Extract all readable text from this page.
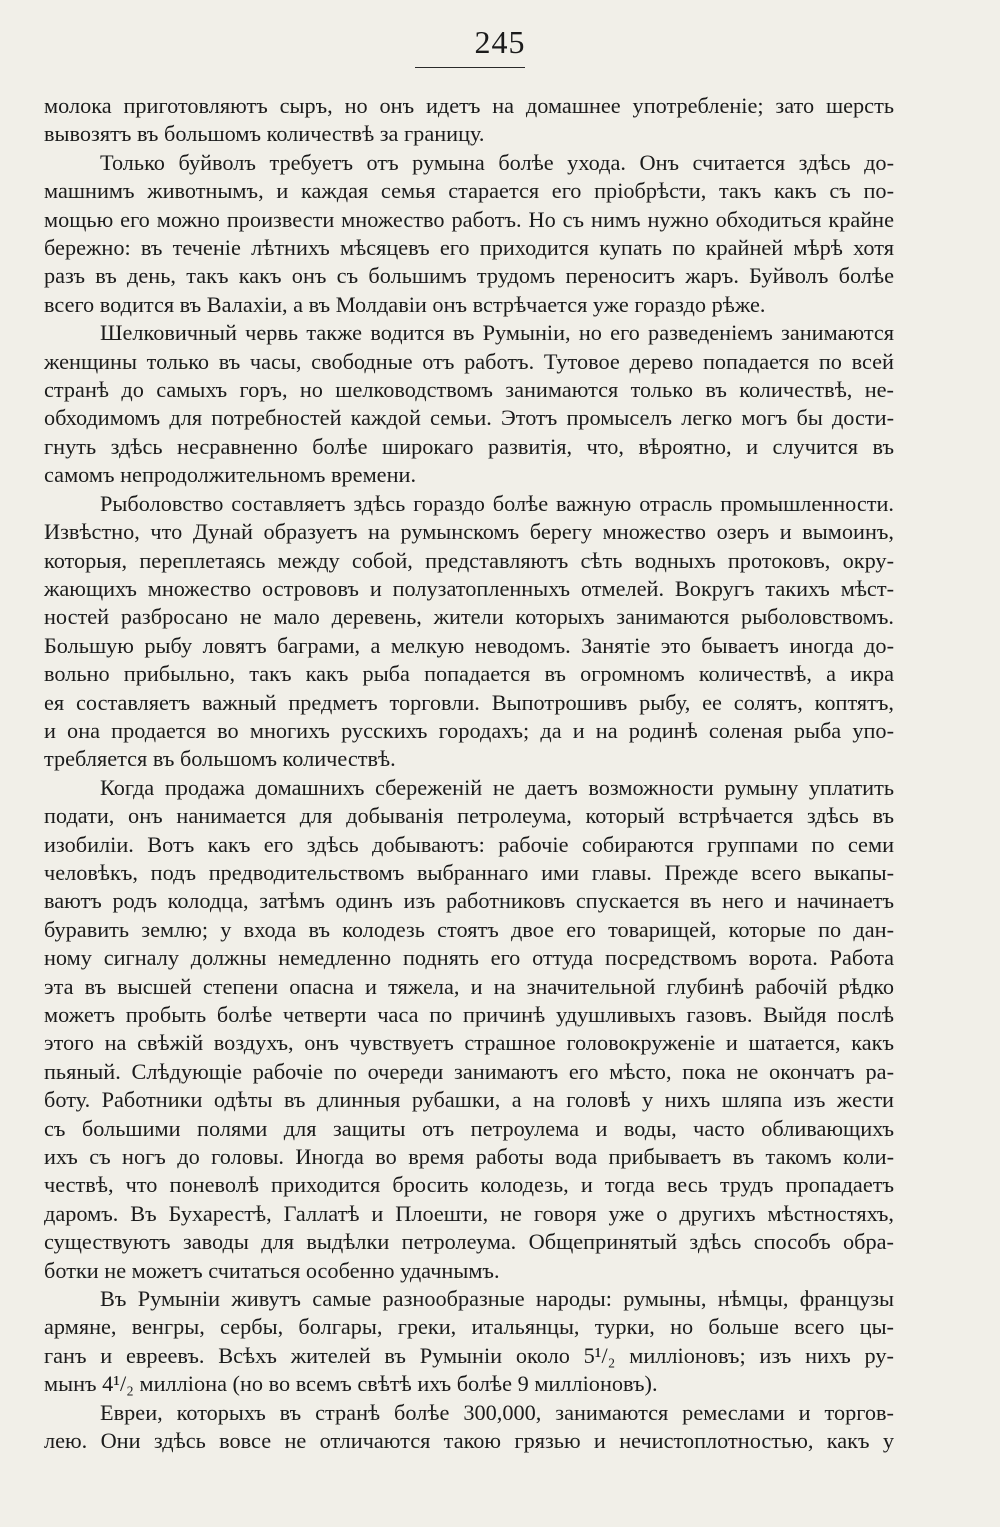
245
молока приготовляютъ сыръ, но онъ идетъ на домашнее употребленіе; зато шерсть
вывозятъ въ большомъ количествѣ за границу.
Только буйволъ требуетъ отъ румына болѣе ухода. Онъ считается здѣсь до-
машнимъ животнымъ, и каждая семья старается его пріобрѣсти, такъ какъ съ по-
мощью его можно произвести множество работъ. Но съ нимъ нужно обходиться крайне
бережно: въ теченіе лѣтнихъ мѣсяцевъ его приходится купать по крайней мѣрѣ хотя
разъ въ день, такъ какъ онъ съ большимъ трудомъ переноситъ жаръ. Буйволъ болѣе
всего водится въ Валахіи, а въ Молдавіи онъ встрѣчается уже гораздо рѣже.
Шелковичный червь также водится въ Румыніи, но его разведеніемъ занимаются
женщины только въ часы, свободные отъ работъ. Тутовое дерево попадается по всей
странѣ до самыхъ горъ, но шелководствомъ занимаются только въ количествѣ, не-
обходимомъ для потребностей каждой семьи. Этотъ промыселъ легко могъ бы дости-
гнуть здѣсь несравненно болѣе широкаго развитія, что, вѣроятно, и случится въ
самомъ непродолжительномъ времени.
Рыболовство составляетъ здѣсь гораздо болѣе важную отрасль промышленности.
Извѣстно, что Дунай образуетъ на румынскомъ берегу множество озеръ и вымоинъ,
которыя, переплетаясь между собой, представляютъ сѣть водныхъ протоковъ, окру-
жающихъ множество острововъ и полузатопленныхъ отмелей. Вокругъ такихъ мѣст-
ностей разбросано не мало деревень, жители которыхъ занимаются рыболовствомъ.
Большую рыбу ловятъ баграми, а мелкую неводомъ. Занятіе это бываетъ иногда до-
вольно прибыльно, такъ какъ рыба попадается въ огромномъ количествѣ, а икра
ея составляетъ важный предметъ торговли. Выпотрошивъ рыбу, ее солятъ, коптятъ,
и она продается во многихъ русскихъ городахъ; да и на родинѣ соленая рыба упо-
требляется въ большомъ количествѣ.
Когда продажа домашнихъ сбереженій не даетъ возможности румыну уплатить
подати, онъ нанимается для добыванія петролеума, который встрѣчается здѣсь въ
изобиліи. Вотъ какъ его здѣсь добываютъ: рабочіе собираются группами по семи
человѣкъ, подъ предводительствомъ выбраннаго ими главы. Прежде всего выкапы-
ваютъ родъ колодца, затѣмъ одинъ изъ работниковъ спускается въ него и начинаетъ
буравить землю; у входа въ колодезь стоятъ двое его товарищей, которые по дан-
ному сигналу должны немедленно поднять его оттуда посредствомъ ворота. Работа
эта въ высшей степени опасна и тяжела, и на значительной глубинѣ рабочій рѣдко
можетъ пробыть болѣе четверти часа по причинѣ удушливыхъ газовъ. Выйдя послѣ
этого на свѣжій воздухъ, онъ чувствуетъ страшное головокруженіе и шатается, какъ
пьяный. Слѣдующіе рабочіе по очереди занимаютъ его мѣсто, пока не окончатъ ра-
боту. Работники одѣты въ длинныя рубашки, а на головѣ у нихъ шляпа изъ жести
съ большими полями для защиты отъ петроулема и воды, часто обливающихъ
ихъ съ ногъ до головы. Иногда во время работы вода прибываетъ въ такомъ коли-
чествѣ, что поневолѣ приходится бросить колодезь, и тогда весь трудъ пропадаетъ
даромъ. Въ Бухарестѣ, Галлатѣ и Плоешти, не говоря уже о другихъ мѣстностяхъ,
существуютъ заводы для выдѣлки петролеума. Общепринятый здѣсь способъ обра-
ботки не можетъ считаться особенно удачнымъ.
Въ Румыніи живутъ самые разнообразные народы: румыны, нѣмцы, французы
армяне, венгры, сербы, болгары, греки, итальянцы, турки, но больше всего цы-
ганъ и евреевъ. Всѣхъ жителей въ Румыніи около 5¹/₂ милліоновъ; изъ нихъ ру-
мынъ 4¹/₂ милліона (но во всемъ свѣтѣ ихъ болѣе 9 милліоновъ).
Евреи, которыхъ въ странѣ болѣе 300,000, занимаются ремеслами и торгов-
лею. Они здѣсь вовсе не отличаются такою грязью и нечистоплотностью, какъ у
